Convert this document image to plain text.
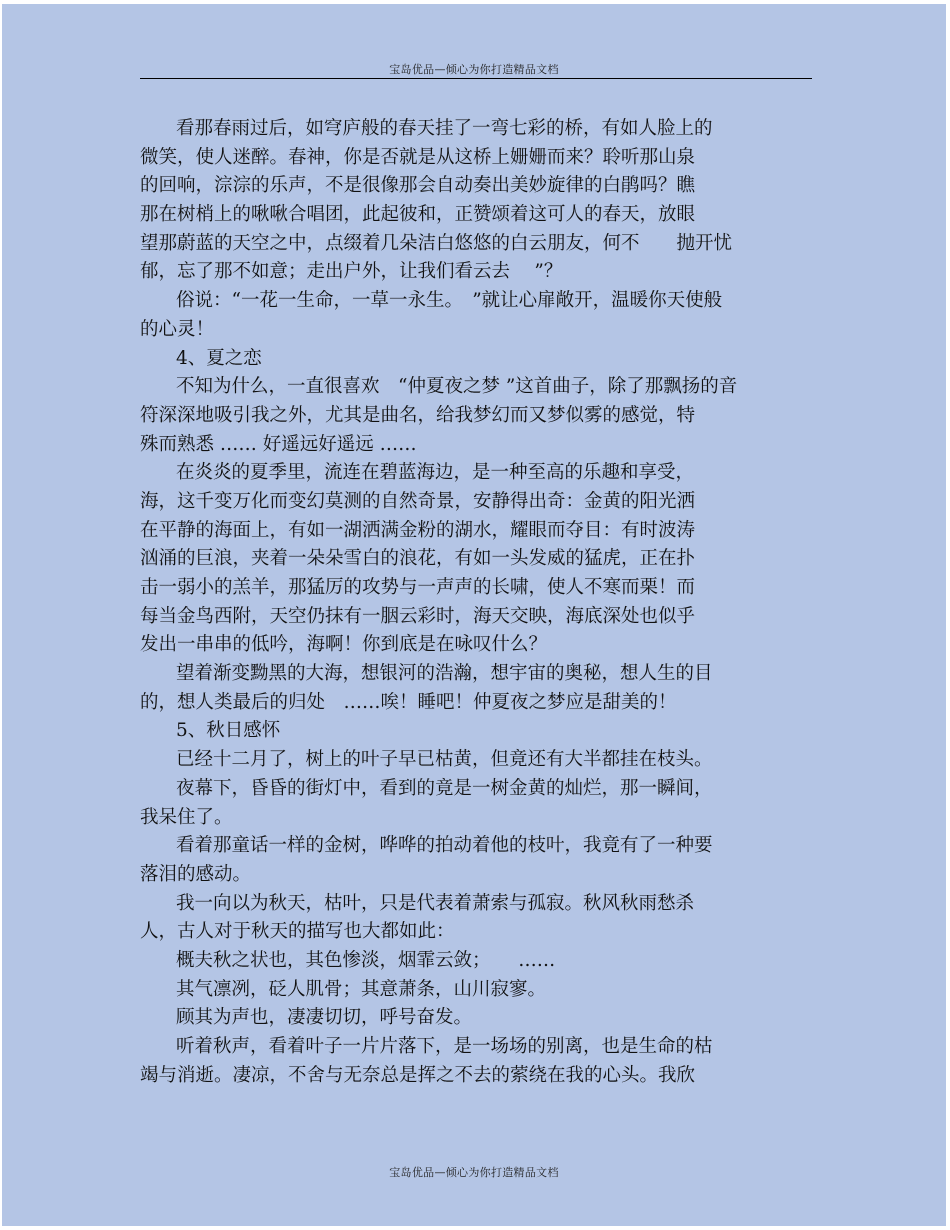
宝岛优品—倾心为你打造精品文档
看那春雨过后，如穹庐般的春天挂了一弯七彩的桥，有如人脸上的
微笑，使人迷醉。春神，你是否就是从这桥上姗姗而来？聆听那山泉
的回响，淙淙的乐声，不是很像那会自动奏出美妙旋律的白鹃吗？瞧
那在树梢上的啾啾合唱团，此起彼和，正赞颂着这可人的春天，放眼
望那蔚蓝的天空之中，点缀着几朵洁白悠悠的白云朋友，何不　　抛开忧
郁，忘了那不如意；走出户外，让我们看云去　 ”？
俗说：“一花一生命，一草一永生。　”就让心扉敞开，温暖你天使般
的心灵！
4、夏之恋
不知为什么，一直很喜欢　“仲夏夜之梦 ”这首曲子，除了那飘扬的音
符深深地吸引我之外，尤其是曲名，给我梦幻而又梦似雾的感觉，特
殊而熟悉 …… 好遥远好遥远 ……
在炎炎的夏季里，流连在碧蓝海边，是一种至高的乐趣和享受，
海，这千变万化而变幻莫测的自然奇景，安静得出奇：金黄的阳光洒
在平静的海面上，有如一湖洒满金粉的湖水，耀眼而夺目：有时波涛
汹涌的巨浪，夹着一朵朵雪白的浪花，有如一头发威的猛虎，正在扑
击一弱小的羔羊，那猛厉的攻势与一声声的长啸，使人不寒而栗！而
每当金鸟西附，天空仍抹有一胭云彩时，海天交映，海底深处也似乎
发出一串串的低吟，海啊！你到底是在咏叹什么？
望着渐变黝黑的大海，想银河的浩瀚，想宇宙的奥秘，想人生的目
的，想人类最后的归处　……唉！睡吧！仲夏夜之梦应是甜美的！
5、秋日感怀
已经十二月了，树上的叶子早已枯黄，但竟还有大半都挂在枝头。
夜幕下，昏昏的街灯中，看到的竟是一树金黄的灿烂，那一瞬间，
我呆住了。
看着那童话一样的金树，哗哗的拍动着他的枝叶，我竟有了一种要
落泪的感动。
我一向以为秋天，枯叶，只是代表着萧索与孤寂。秋风秋雨愁杀
人，古人对于秋天的描写也大都如此：
概夫秋之状也，其色惨淡，烟霏云敛；　　……
其气凛冽，砭人肌骨；其意萧条，山川寂寥。
顾其为声也，凄凄切切，呼号奋发。
听着秋声，看着叶子一片片落下，是一场场的别离，也是生命的枯
竭与消逝。凄凉，不舍与无奈总是挥之不去的萦绕在我的心头。我欣
宝岛优品—倾心为你打造精品文档
